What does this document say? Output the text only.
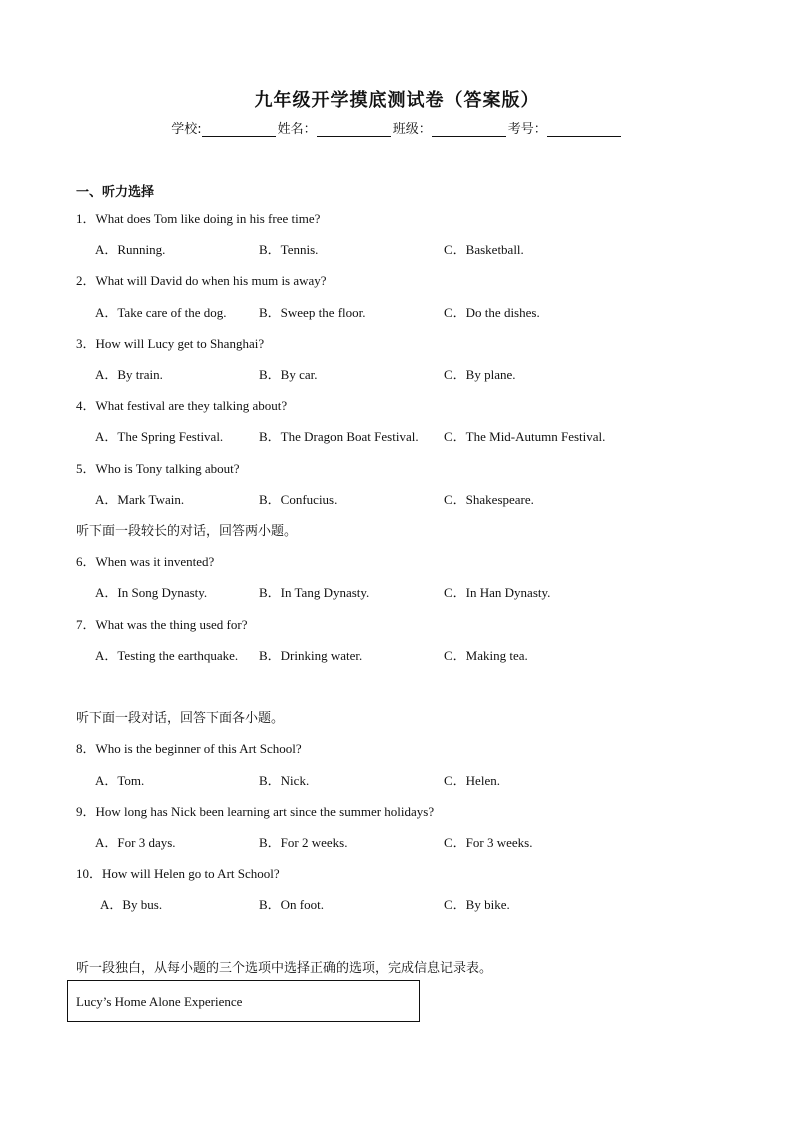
九年级开学摸底测试卷（答案版）
学校:	姓名：	班级：	考号：
一、听力选择
1．What does Tom like doing in his free time?
A．Running.	B．Tennis.	C．Basketball.
2．What will David do when his mum is away?
A．Take care of the dog. B．Sweep the floor.	C．Do the dishes.
3．How will Lucy get to Shanghai?
A．By train.	B．By car.	C．By plane.
4．What festival are they talking about?
A．The Spring Festival.	B．The Dragon Boat Festival. C．The Mid-Autumn Festival.
5．Who is Tony talking about?
A．Mark Twain.	B．Confucius.	C．Shakespeare.
听下面一段较长的对话，回答两小题。
6．When was it invented?
A．In Song Dynasty.	B．In Tang Dynasty.	C．In Han Dynasty.
7．What was the thing used for?
A．Testing the earthquake. B．Drinking water.	C．Making tea.
听下面一段对话，回答下面各小题。
8．Who is the beginner of this Art School?
A．Tom.	B．Nick.	C．Helen.
9．How long has Nick been learning art since the summer holidays?
A．For 3 days.	B．For 2 weeks.	C．For 3 weeks.
10．How will Helen go to Art School?
A．By bus.	B．On foot.	C．By bike.
听一段独白，从每小题的三个选项中选择正确的选项，完成信息记录表。
Lucy’s Home Alone Experience
